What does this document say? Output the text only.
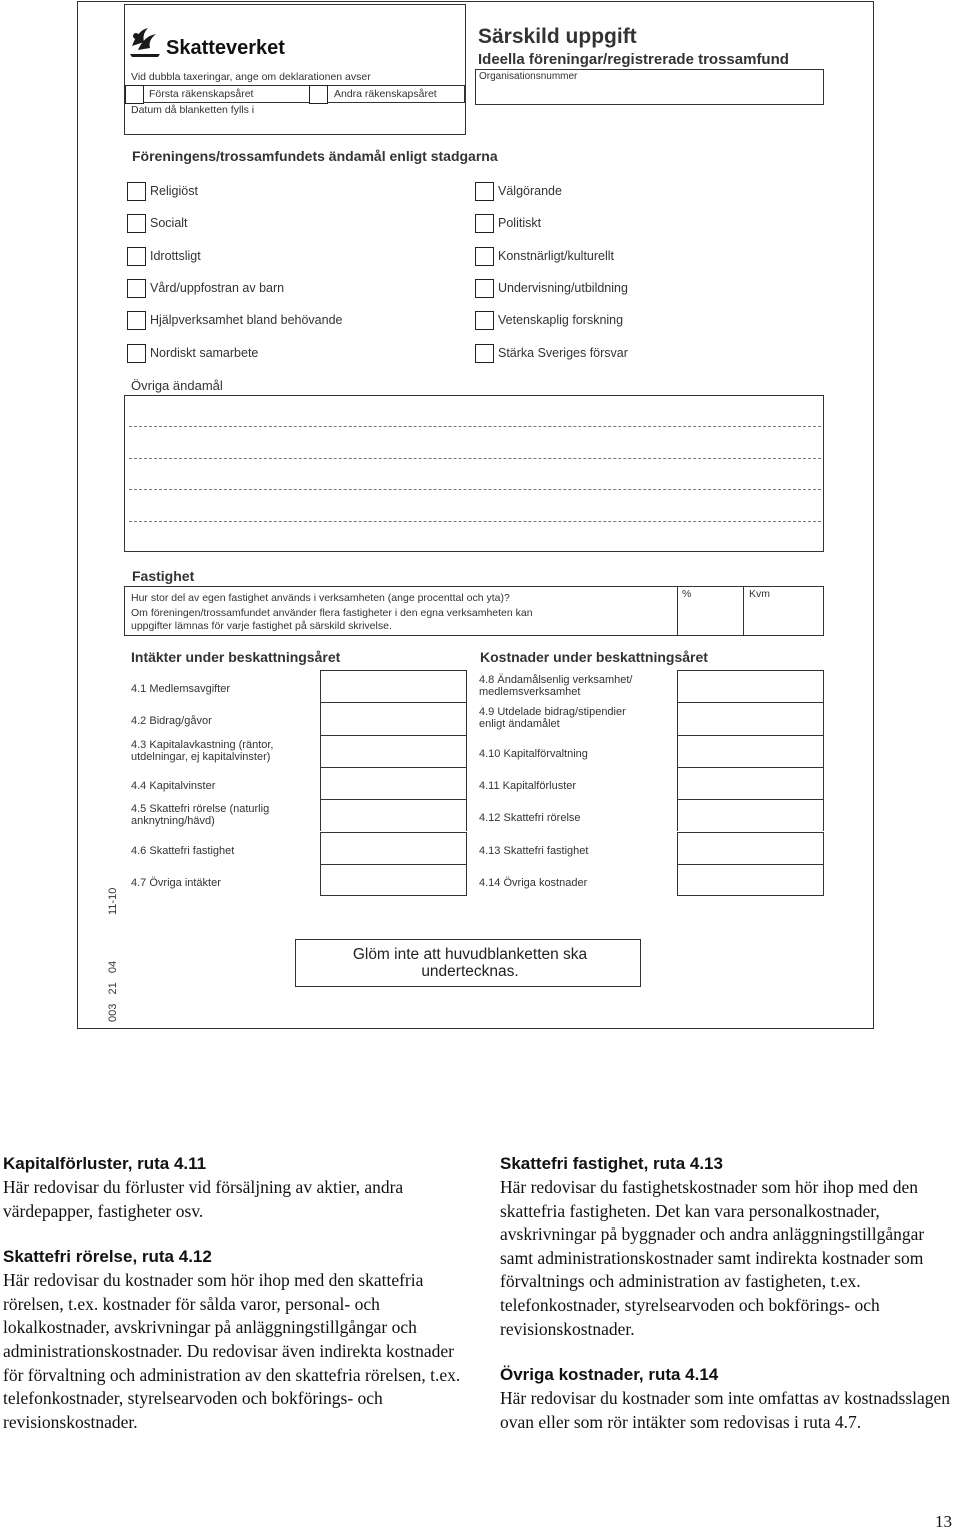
Skatteverket
Vid dubbla taxeringar, ange om deklarationen avser
Första räkenskapsåret	Andra räkenskapsåret
Datum då blanketten fylls i
Särskild uppgift
Ideella föreningar/registrerade trossamfund
Organisationsnummer
Föreningens/trossamfundets ändamål enligt stadgarna
Religiöst
Socialt
Idrottsligt
Vård/uppfostran av barn
Hjälpverksamhet bland behövande
Nordiskt samarbete
Välgörande
Politiskt
Konstnärligt/kulturellt
Undervisning/utbildning
Vetenskaplig forskning
Stärka Sveriges försvar
Övriga ändamål
Fastighet
Hur stor del av egen fastighet används i verksamheten (ange procenttal och yta)?
Om föreningen/trossamfundet använder flera fastigheter i den egna verksamheten kan uppgifter lämnas för varje fastighet på särskild skrivelse.
%	Kvm
Intäkter under beskattningsåret	Kostnader under beskattningsåret
4.1 Medlemsavgifter
4.2 Bidrag/gåvor
4.3 Kapitalavkastning (räntor, utdelningar, ej kapitalvinster)
4.4 Kapitalvinster
4.5 Skattefri rörelse (naturlig anknytning/hävd)
4.6 Skattefri fastighet
4.7 Övriga intäkter
4.8 Ändamålsenlig verksamhet/ medlemsverksamhet
4.9 Utdelade bidrag/stipendier enligt ändamålet
4.10 Kapitalförvaltning
4.11 Kapitalförluster
4.12 Skattefri rörelse
4.13 Skattefri fastighet
4.14 Övriga kostnader
11-10
003   21   04
Glöm inte att huvudblanketten ska undertecknas.
Kapitalförluster, ruta 4.11
Här redovisar du förluster vid försäljning av aktier, andra värdepapper, fastigheter osv.
Skattefri rörelse, ruta 4.12
Här redovisar du kostnader som hör ihop med den skattefria rörelsen, t.ex. kostnader för sålda varor, personal- och lokalkostnader, avskrivningar på anläggningstillgångar och administrationskostnader. Du redovisar även indirekta kostnader för förvaltning och administration av den skattefria rörelsen, t.ex. telefonkostnader, styrelsearvoden och bokförings- och revisionskostnader.
Skattefri fastighet, ruta 4.13
Här redovisar du fastighetskostnader som hör ihop med den skattefria fastigheten. Det kan vara personalkostnader, avskrivningar på byggnader och andra anläggningstillgångar samt administrationskostnader samt indirekta kostnader som förvaltnings och administration av fastigheten, t.ex. telefonkostnader, styrelsearvoden och bokförings- och revisionskostnader.
Övriga kostnader, ruta 4.14
Här redovisar du kostnader som inte omfattas av kostnadsslagen ovan eller som rör intäkter som redovisas i ruta 4.7.
13
